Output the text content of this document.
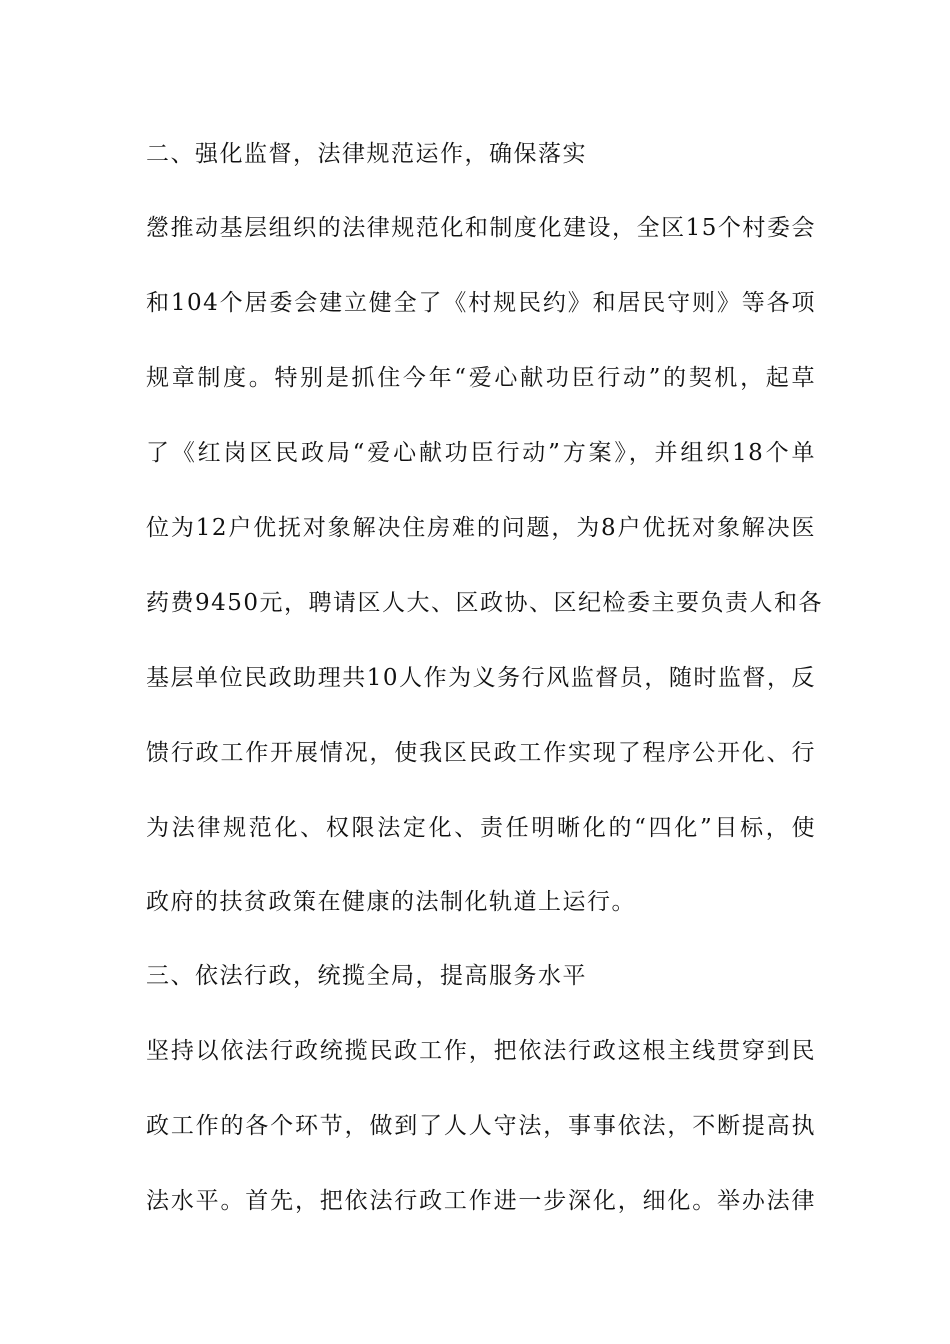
二、强化监督，法律规范运作，确保落实
憥推动基层组织的法律规范化和制度化建设，全区15个村委会
和104个居委会建立健全了《村规民约》和居民守则》等各项
规章制度。特别是抓住今年“爱心献功臣行动”的契机，起草
了《红岗区民政局“爱心献功臣行动”方案》，并组织18个单
位为12户优抚对象解决住房难的问题，为8户优抚对象解决医
药费9450元，聘请区人大、区政协、区纪检委主要负责人和各
基层单位民政助理共10人作为义务行风监督员，随时监督，反
馈行政工作开展情况，使我区民政工作实现了程序公开化、行
为法律规范化、权限法定化、责任明晰化的“四化”目标，使
政府的扶贫政策在健康的法制化轨道上运行。
三、依法行政，统揽全局，提高服务水平
坚持以依法行政统揽民政工作，把依法行政这根主线贯穿到民
政工作的各个环节，做到了人人守法，事事依法，不断提高执
法水平。首先，把依法行政工作进一步深化，细化。举办法律
